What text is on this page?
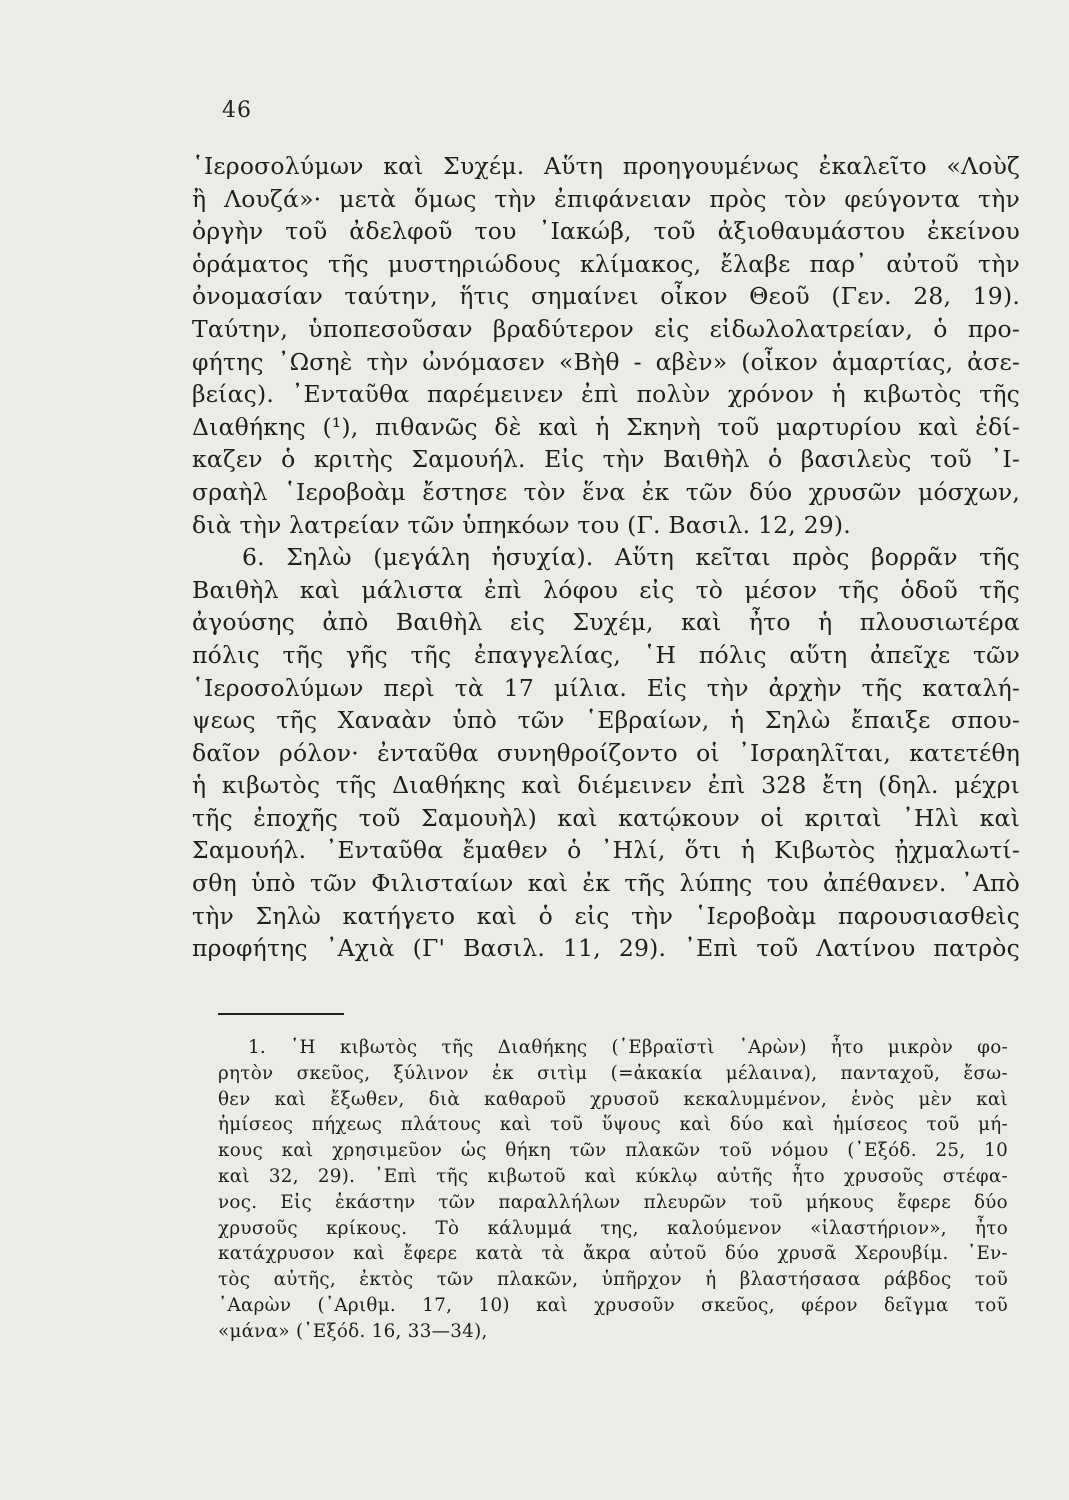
46
῾Ιεροσολύμων καὶ Συχέμ. Αὕτη προηγουμένως ἐκαλεῖτο «Λοὺζ
ἢ Λουζά»· μετὰ ὅμως τὴν ἐπιφάνειαν πρὸς τὸν φεύγοντα τὴν
ὀργὴν τοῦ ἀδελφοῦ του ᾿Ιακώβ, τοῦ ἀξιοθαυμάστου ἐκείνου
ὁράματος τῆς μυστηριώδους κλίμακος, ἔλαβε παρ᾿ αὐτοῦ τὴν
ὀνομασίαν ταύτην, ἥτις σημαίνει οἶκον Θεοῦ (Γεν. 28, 19).
Ταύτην, ὑποπεσοῦσαν βραδύτερον εἰς εἰδωλολατρείαν, ὁ προ-
φήτης ᾿Ωσηὲ τὴν ὠνόμασεν «Βὴθ - αβὲν» (οἶκον ἁμαρτίας, ἀσε-
βείας). ᾿Ενταῦθα παρέμεινεν ἐπὶ πολὺν χρόνον ἡ κιβωτὸς τῆς
Διαθήκης (¹), πιθανῶς δὲ καὶ ἡ Σκηνὴ τοῦ μαρτυρίου καὶ ἐδί-
καζεν ὁ κριτὴς Σαμουήλ. Εἰς τὴν Βαιθὴλ ὁ βασιλεὺς τοῦ ᾿Ι-
σραὴλ ῾Ιεροβοὰμ ἔστησε τὸν ἕνα ἐκ τῶν δύο χρυσῶν μόσχων,
διὰ τὴν λατρείαν τῶν ὑπηκόων του (Γ. Βασιλ. 12, 29).
6. Σηλὼ (μεγάλη ἡσυχία). Αὕτη κεῖται πρὸς βορρᾶν τῆς
Βαιθὴλ καὶ μάλιστα ἐπὶ λόφου εἰς τὸ μέσον τῆς ὁδοῦ τῆς
ἀγούσης ἀπὸ Βαιθὴλ εἰς Συχέμ, καὶ ἦτο ἡ πλουσιωτέρα
πόλις τῆς γῆς τῆς ἐπαγγελίας, ῾Η πόλις αὕτη ἀπεῖχε τῶν
῾Ιεροσολύμων περὶ τὰ 17 μίλια. Εἰς τὴν ἀρχὴν τῆς καταλή-
ψεως τῆς Χαναὰν ὑπὸ τῶν ῾Εβραίων, ἡ Σηλὼ ἔπαιξε σπου-
δαῖον ρόλον· ἐνταῦθα συνηθροίζοντο οἱ ᾿Ισραηλῖται, κατετέθη
ἡ κιβωτὸς τῆς Διαθήκης καὶ διέμεινεν ἐπὶ 328 ἔτη (δηλ. μέχρι
τῆς ἐποχῆς τοῦ Σαμουὴλ) καὶ κατῴκουν οἱ κριταὶ ᾿Ηλὶ καὶ
Σαμουήλ. ᾿Ενταῦθα ἔμαθεν ὁ ᾿Ηλί, ὅτι ἡ Κιβωτὸς ᾐχμαλωτί-
σθη ὑπὸ τῶν Φιλισταίων καὶ ἐκ τῆς λύπης του ἀπέθανεν. ᾿Απὸ
τὴν Σηλὼ κατήγετο καὶ ὁ εἰς τὴν ῾Ιεροβοὰμ παρουσιασθεὶς
προφήτης ᾿Αχιὰ (Γ' Βασιλ. 11, 29). ᾿Επὶ τοῦ Λατίνου πατρὸς
1. ῾Η κιβωτὸς τῆς Διαθήκης (῾Εβραϊστὶ ᾿Αρὼν) ἦτο μικρὸν φο-
ρητὸν σκεῦος, ξύλινον ἐκ σιτὶμ (=ἀκακία μέλαινα), πανταχοῦ, ἔσω-
θεν καὶ ἔξωθεν, διὰ καθαροῦ χρυσοῦ κεκαλυμμένον, ἑνὸς μὲν καὶ
ἡμίσεος πήχεως πλάτους καὶ τοῦ ὕψους καὶ δύο καὶ ἡμίσεος τοῦ μή-
κους καὶ χρησιμεῦον ὡς θήκη τῶν πλακῶν τοῦ νόμου (᾿Εξόδ. 25, 10
καὶ 32, 29). ᾿Επὶ τῆς κιβωτοῦ καὶ κύκλῳ αὐτῆς ἦτο χρυσοῦς στέφα-
νος. Εἰς ἑκάστην τῶν παραλλήλων πλευρῶν τοῦ μήκους ἔφερε δύο
χρυσοῦς κρίκους. Τὸ κάλυμμά της, καλούμενον «ἱλαστήριον», ἦτο
κατάχρυσον καὶ ἔφερε κατὰ τὰ ἄκρα αὐτοῦ δύο χρυσᾶ Χερουβίμ. ᾿Εν-
τὸς αὐτῆς, ἐκτὸς τῶν πλακῶν, ὑπῆρχον ἡ βλαστήσασα ράβδος τοῦ
᾿Ααρὼν (᾿Αριθμ. 17, 10) καὶ χρυσοῦν σκεῦος, φέρον δεῖγμα τοῦ
«μάνα» (᾿Εξόδ. 16, 33—34),
